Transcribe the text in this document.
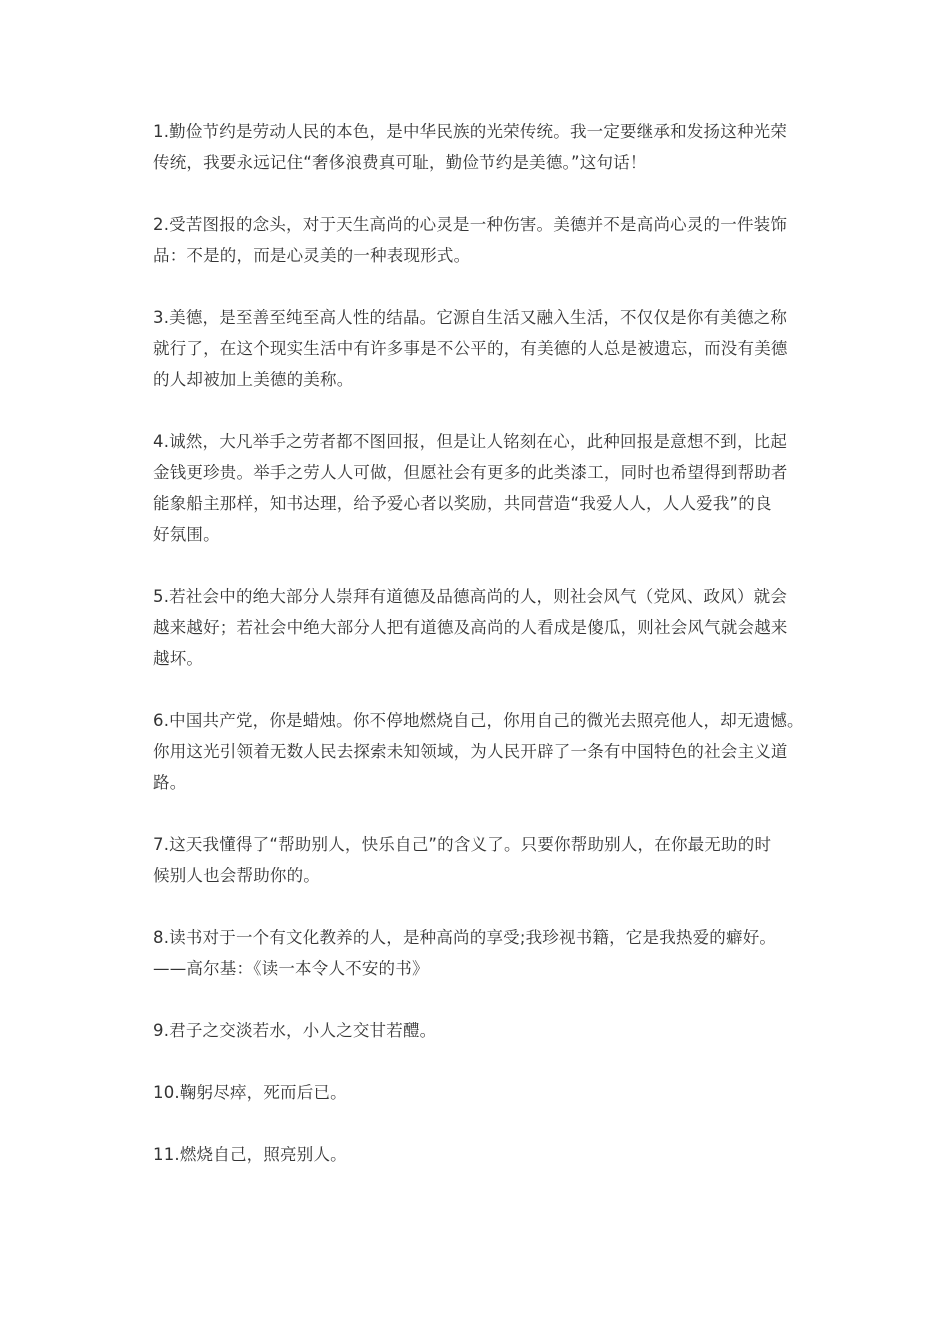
1.勤俭节约是劳动人民的本色，是中华民族的光荣传统。我一定要继承和发扬这种光荣
传统，我要永远记住“奢侈浪费真可耻，勤俭节约是美德。”这句话！

2.受苦图报的念头，对于天生高尚的心灵是一种伤害。美德并不是高尚心灵的一件装饰
品：不是的，而是心灵美的一种表现形式。

3.美德，是至善至纯至高人性的结晶。它源自生活又融入生活，不仅仅是你有美德之称
就行了，在这个现实生活中有许多事是不公平的，有美德的人总是被遗忘，而没有美德
的人却被加上美德的美称。

4.诚然，大凡举手之劳者都不图回报，但是让人铭刻在心，此种回报是意想不到，比起
金钱更珍贵。举手之劳人人可做，但愿社会有更多的此类漆工，同时也希望得到帮助者
能象船主那样，知书达理，给予爱心者以奖励，共同营造“我爱人人，人人爱我”的良
好氛围。

5.若社会中的绝大部分人崇拜有道德及品德高尚的人，则社会风气（党风、政风）就会
越来越好；若社会中绝大部分人把有道德及高尚的人看成是傻瓜，则社会风气就会越来
越坏。

6.中国共产党，你是蜡烛。你不停地燃烧自己，你用自己的微光去照亮他人，却无遗憾。
你用这光引领着无数人民去探索未知领域，为人民开辟了一条有中国特色的社会主义道
路。

7.这天我懂得了“帮助别人，快乐自己”的含义了。只要你帮助别人，在你最无助的时
候别人也会帮助你的。

8.读书对于一个有文化教养的人，是种高尚的享受;我珍视书籍，它是我热爱的癖好。
——高尔基：《读一本令人不安的书》

9.君子之交淡若水，小人之交甘若醴。

10.鞠躬尽瘁，死而后已。

11.燃烧自己，照亮别人。
